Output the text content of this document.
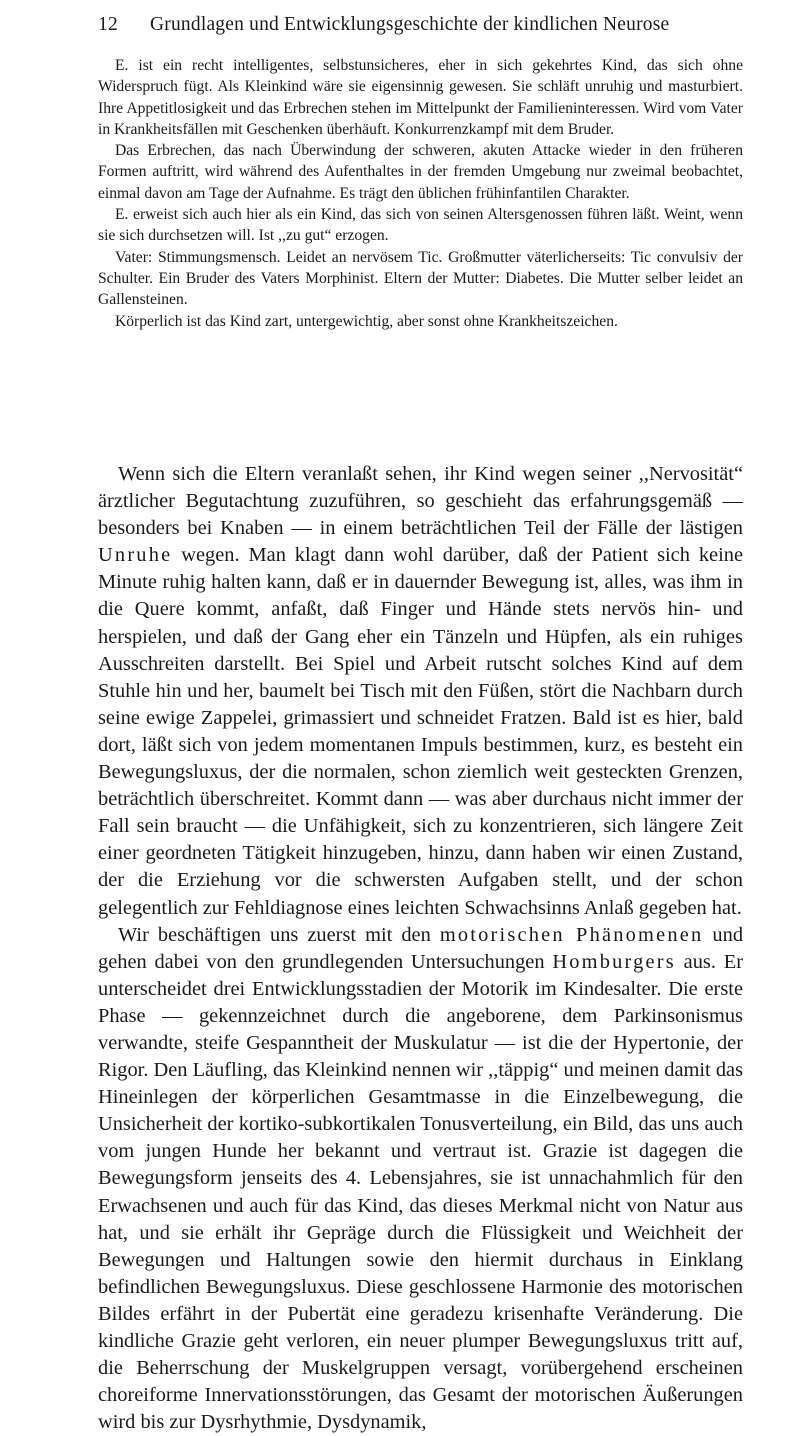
12 Grundlagen und Entwicklungsgeschichte der kindlichen Neurose

E. ist ein recht intelligentes, selbstunsicheres, eher in sich gekehrtes Kind, das sich ohne Widerspruch fügt. Als Kleinkind wäre sie eigensinnig gewesen. Sie schläft unruhig und masturbiert. Ihre Appetitlosigkeit und das Erbrechen stehen im Mittelpunkt der Familieninteressen. Wird vom Vater in Krankheitsfällen mit Geschenken überhäuft. Konkurrenzkampf mit dem Bruder.

Das Erbrechen, das nach Überwindung der schweren, akuten Attacke wieder in den früheren Formen auftritt, wird während des Aufenthaltes in der fremden Umgebung nur zweimal beobachtet, einmal davon am Tage der Aufnahme. Es trägt den üblichen frühinfantilen Charakter.

E. erweist sich auch hier als ein Kind, das sich von seinen Altersgenossen führen läßt. Weint, wenn sie sich durchsetzen will. Ist ,,zu gut“ erzogen.

Vater: Stimmungsmensch. Leidet an nervösem Tic. Großmutter väterlicherseits: Tic convulsiv der Schulter. Ein Bruder des Vaters Morphinist. Eltern der Mutter: Diabetes. Die Mutter selber leidet an Gallensteinen.

Körperlich ist das Kind zart, untergewichtig, aber sonst ohne Krankheitszeichen.

Wenn sich die Eltern veranlaßt sehen, ihr Kind wegen seiner ,,Nervosität“ ärztlicher Begutachtung zuzuführen, so geschieht das erfahrungsgemäß — besonders bei Knaben — in einem beträchtlichen Teil der Fälle der lästigen Unruhe wegen. Man klagt dann wohl darüber, daß der Patient sich keine Minute ruhig halten kann, daß er in dauernder Bewegung ist, alles, was ihm in die Quere kommt, anfaßt, daß Finger und Hände stets nervös hin- und herspielen, und daß der Gang eher ein Tänzeln und Hüpfen, als ein ruhiges Ausschreiten darstellt. Bei Spiel und Arbeit rutscht solches Kind auf dem Stuhle hin und her, baumelt bei Tisch mit den Füßen, stört die Nachbarn durch seine ewige Zappelei, grimassiert und schneidet Fratzen. Bald ist es hier, bald dort, läßt sich von jedem momentanen Impuls bestimmen, kurz, es besteht ein Bewegungsluxus, der die normalen, schon ziemlich weit gesteckten Grenzen, beträchtlich überschreitet. Kommt dann — was aber durchaus nicht immer der Fall sein braucht — die Unfähigkeit, sich zu konzentrieren, sich längere Zeit einer geordneten Tätigkeit hinzugeben, hinzu, dann haben wir einen Zustand, der die Erziehung vor die schwersten Aufgaben stellt, und der schon gelegentlich zur Fehldiagnose eines leichten Schwachsinns Anlaß gegeben hat.

Wir beschäftigen uns zuerst mit den motorischen Phänomenen und gehen dabei von den grundlegenden Untersuchungen Homburgers aus. Er unterscheidet drei Entwicklungsstadien der Motorik im Kindesalter. Die erste Phase — gekennzeichnet durch die angeborene, dem Parkinsonismus verwandte, steife Gespanntheit der Muskulatur — ist die der Hypertonie, der Rigor. Den Läufling, das Kleinkind nennen wir ,,täppig“ und meinen damit das Hineinlegen der körperlichen Gesamtmasse in die Einzelbewegung, die Unsicherheit der kortiko-subkortikalen Tonusverteilung, ein Bild, das uns auch vom jungen Hunde her bekannt und vertraut ist. Grazie ist dagegen die Bewegungsform jenseits des 4. Lebensjahres, sie ist unnachahmlich für den Erwachsenen und auch für das Kind, das dieses Merkmal nicht von Natur aus hat, und sie erhält ihr Gepräge durch die Flüssigkeit und Weichheit der Bewegungen und Haltungen sowie den hiermit durchaus in Einklang befindlichen Bewegungsluxus. Diese geschlossene Harmonie des motorischen Bildes erfährt in der Pubertät eine geradezu krisenhafte Veränderung. Die kindliche Grazie geht verloren, ein neuer plumper Bewegungsluxus tritt auf, die Beherrschung der Muskelgruppen versagt, vorübergehend erscheinen choreiforme Innervationsstörungen, das Gesamt der motorischen Äußerungen wird bis zur Dysrhythmie, Dysdynamik,
